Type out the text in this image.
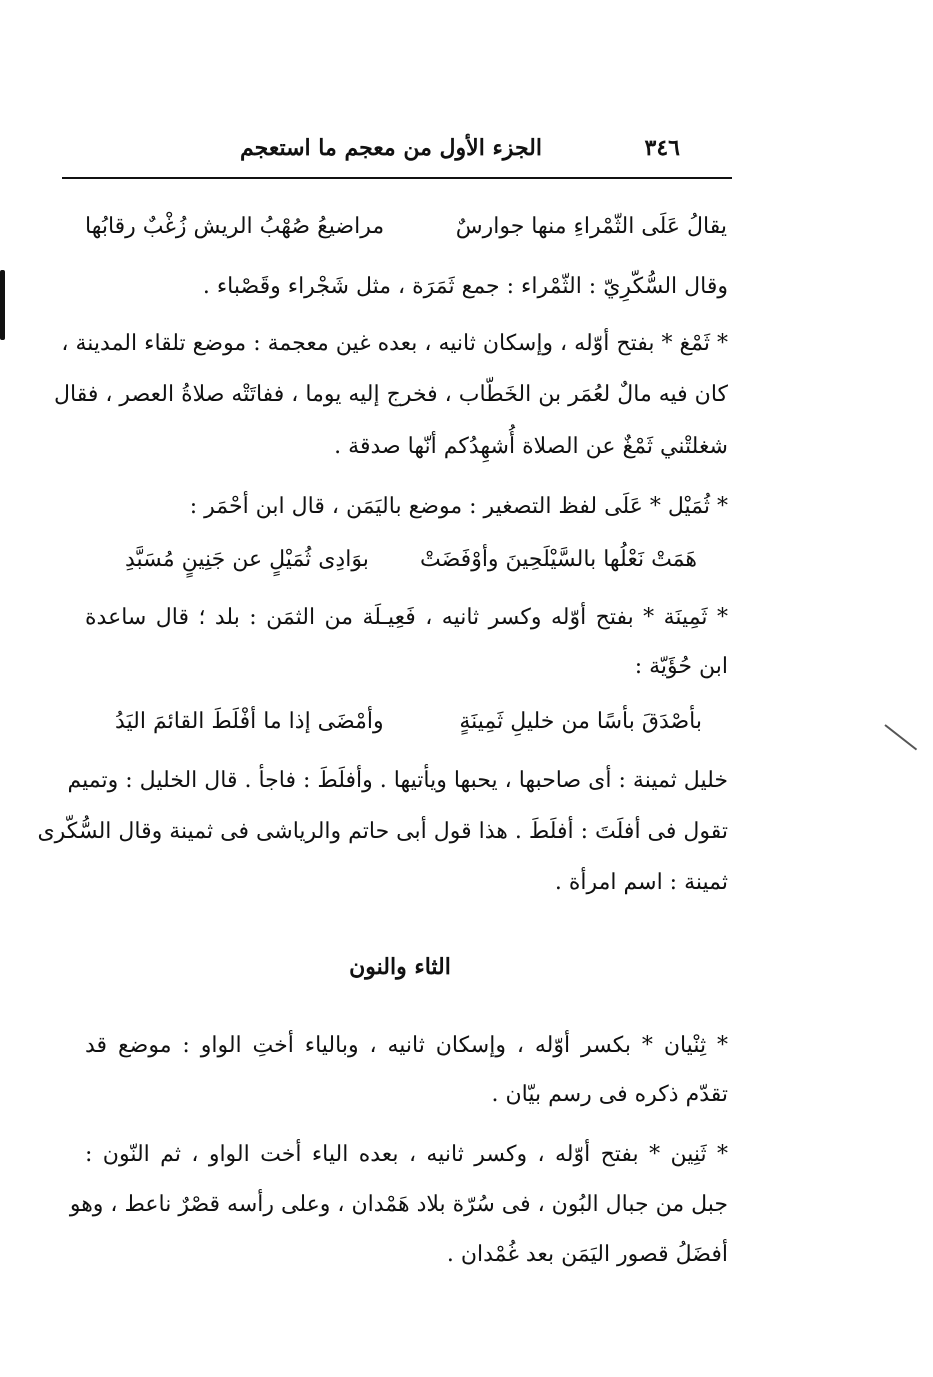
٣٤٦
الجزء الأول من معجم ما استعجم
يقالُ عَلَى الثّمْراءِ منها جوارسٌ
مراضيعُ صُهْبُ الريش زُغْبٌ رقابُها
وقال السُّكّرِيّ : الثّمْراء : جمع ثَمَرَة ، مثل شَجْراء وقَصْباء .
* ثَمْغ * بفتح أوّله ، وإسكان ثانيه ، بعده غين معجمة : موضع تلقاء المدينة ،
كان فيه مالٌ لعُمَر بن الخَطّاب ، فخرج إليه يوما ، ففاتَتْه صلاةُ العصر ، فقال
شغلتْني ثَمْغٌ عن الصلاة أُشهِدُكم أنّها صدقة .
* ثُمَيْل * عَلَى لفظ التصغير : موضع باليَمَن ، قال ابن أحْمَر :
هَمَتْ نَعْلُها بالسَّيْلَحِينَ وأوْفَضَتْ
بوَادِى ثُمَيْلٍ عن جَنِينٍ مُسَبَّدِ
* ثَمِينَة * بفتح أوّله وكسر ثانيه ، فَعِيـلَة من الثمَن : بلد ؛ قال ساعدة
ابن حُؤَيّة :
بأصْدَقَ بأسًا من خليلِ ثَمِينَةٍ
وأمْضَى إذا ما أفْلَطَ القائمَ اليَدُ
خليل ثمينة : أى صاحبها ، يحبها ويأتيها . وأفلَطَ : فاجأ . قال الخليل : وتميم
تقول فى أفلَتَ : أفلَطَ . هذا قول أبى حاتم والرياشى فى ثمينة وقال السُّكّرى
ثمينة : اسم امرأة .
الثاء والنون
* ثِنْيان * بكسر أوّله ، وإسكان ثانيه ، وبالياء أختِ الواو : موضع قد
تقدّم ذكره فى رسم بيّان .
* ثَنِين * بفتح أوّله ، وكسر ثانيه ، بعده الياء أخت الواو ، ثم النّون :
جبل من جبال البُون ، فى سُرّة بلاد هَمْدان ، وعلى رأسه قصْرٌ ناعط ، وهو
أفضَلُ قصور اليَمَن بعد غُمْدان .
